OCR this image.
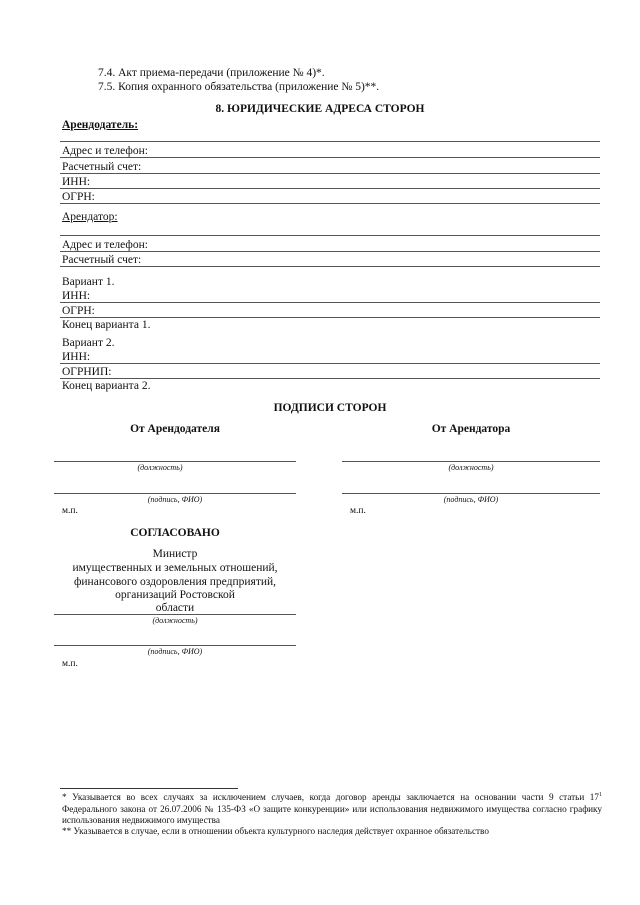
7.4. Акт приема-передачи (приложение № 4)*.
7.5. Копия охранного обязательства (приложение № 5)**.
8. ЮРИДИЧЕСКИЕ АДРЕСА СТОРОН
Арендодатель:
Адрес и телефон:
Расчетный счет:
ИНН:
ОГРН:
Арендатор:
Адрес и телефон:
Расчетный счет:
Вариант 1.
ИНН:
ОГРН:
Конец варианта 1.
Вариант 2.
ИНН:
ОГРНИП:
Конец варианта 2.
ПОДПИСИ СТОРОН
От Арендодателя	От Арендатора
(должность)	(должность)
(подпись, ФИО)	(подпись, ФИО)
м.п.	м.п.
СОГЛАСОВАНО
Министр
имущественных и земельных отношений,
финансового оздоровления предприятий,
организаций Ростовской
области
(должность)
(подпись, ФИО)
м.п.
* Указывается во всех случаях за исключением случаев, когда договор аренды заключается на основании части 9 статьи $17^1$ Федерального закона от 26.07.2006 № 135-ФЗ «О защите конкуренции» или использования недвижимого имущества согласно графику использования недвижимого имущества
** Указывается в случае, если в отношении объекта культурного наследия действует охранное обязательство
